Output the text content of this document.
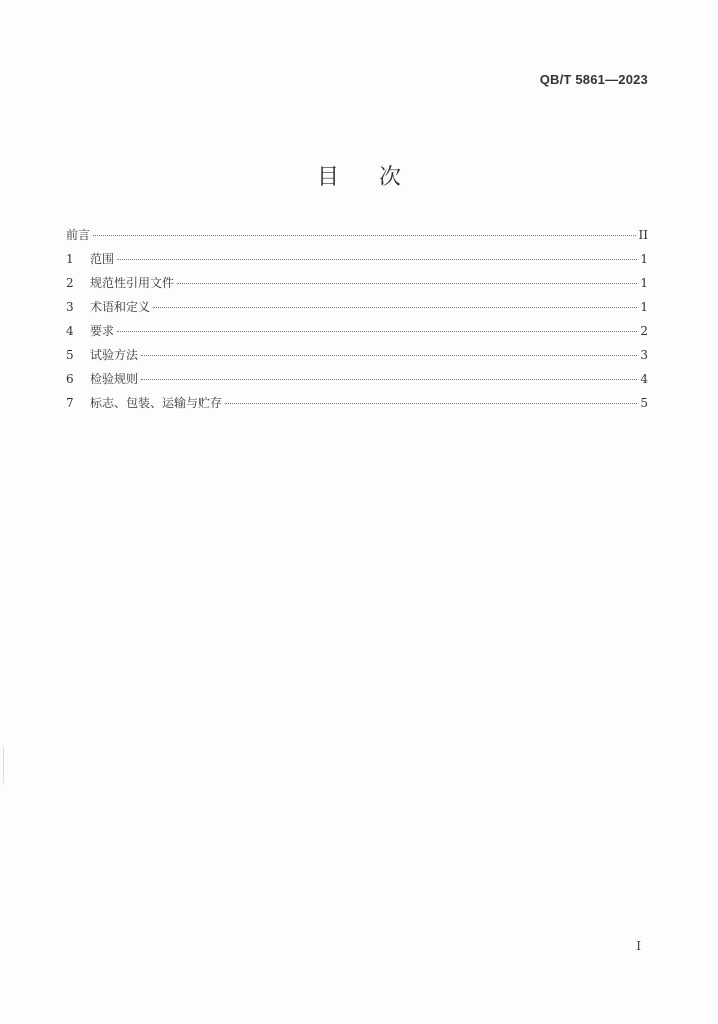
QB/T 5861—2023
目次
前言	II
1	范围	1
2	规范性引用文件	1
3	术语和定义	1
4	要求	2
5	试验方法	3
6	检验规则	4
7	标志、包装、运输与贮存	5
I
